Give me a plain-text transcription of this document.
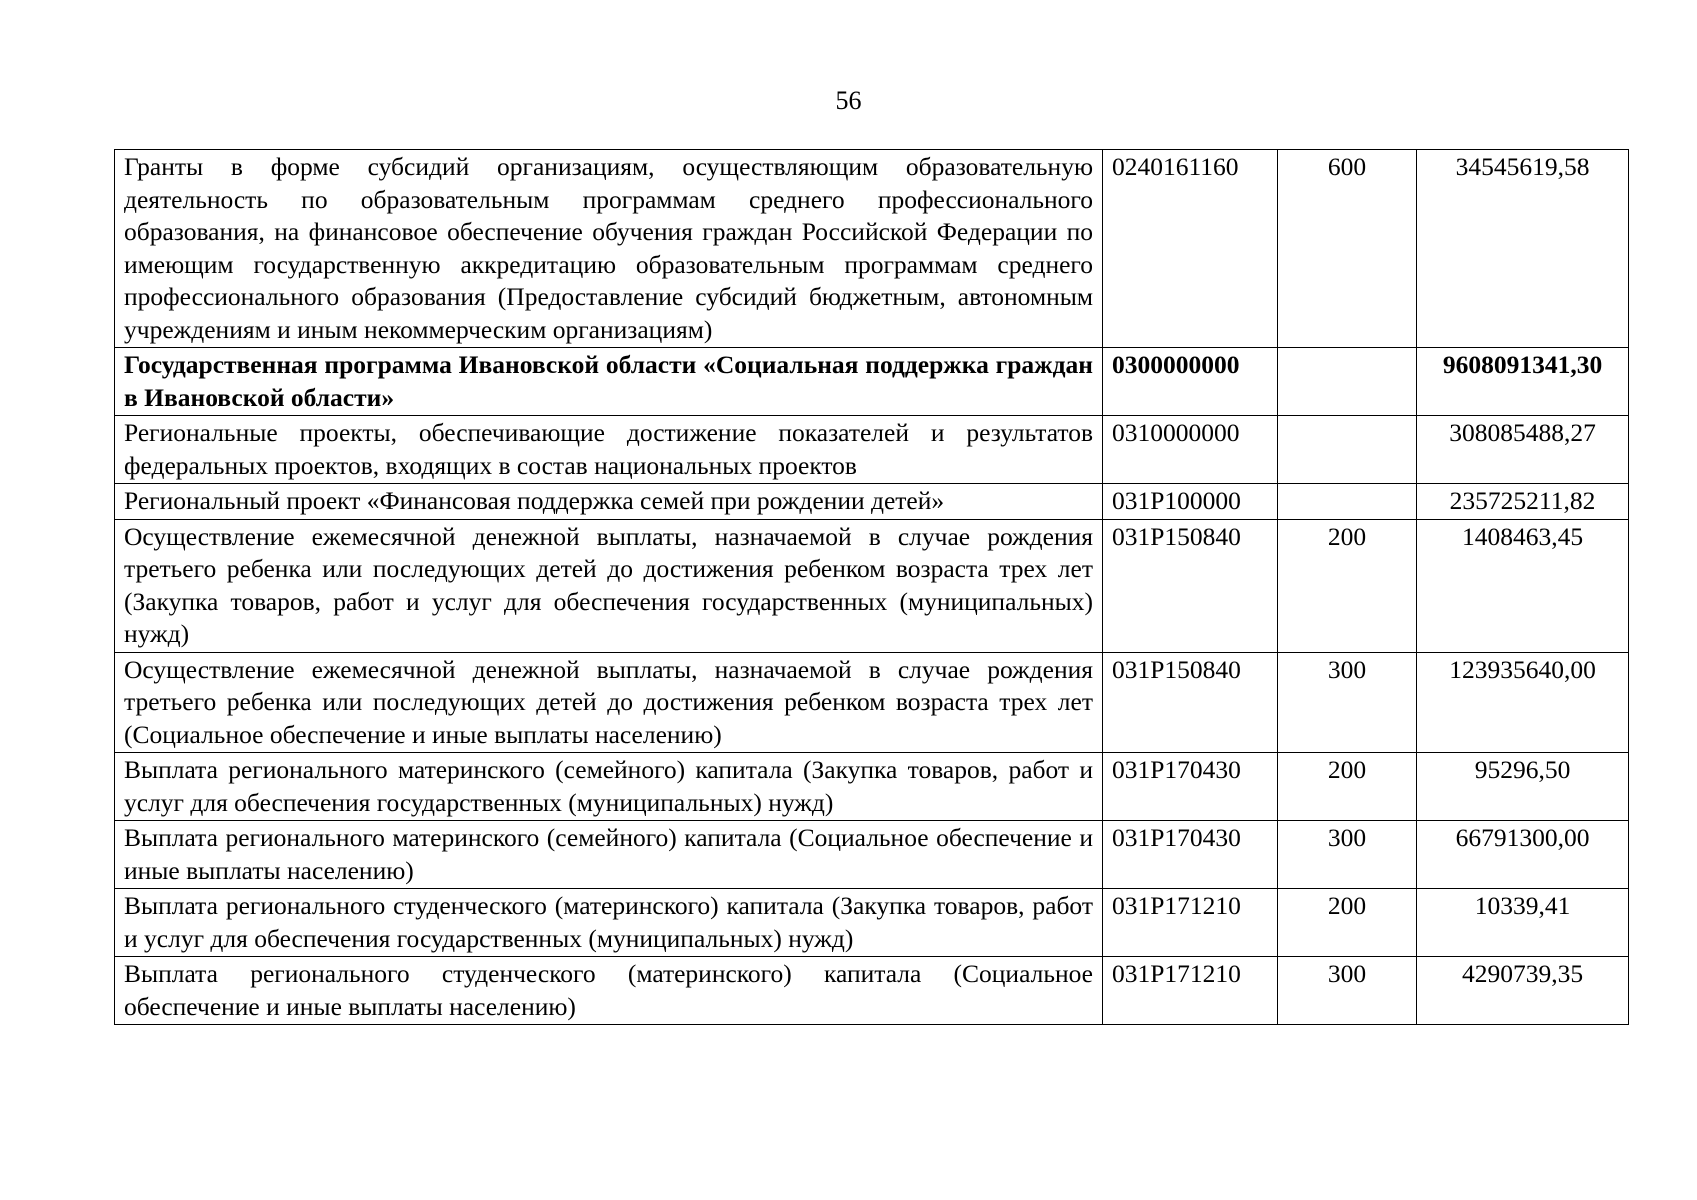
56
Гранты в форме субсидий организациям, осуществляющим образовательную деятельность по образовательным программам среднего профессионального образования, на финансовое обеспечение обучения граждан Российской Федерации по имеющим государственную аккредитацию образовательным программам среднего профессионального образования (Предоставление субсидий бюджетным, автономным учреждениям и иным некоммерческим организациям)	0240161160	600	34545619,58
Государственная программа Ивановской области «Социальная поддержка граждан в Ивановской области»	0300000000		9608091341,30
Региональные проекты, обеспечивающие достижение показателей и результатов федеральных проектов, входящих в состав национальных проектов	0310000000		308085488,27
Региональный проект «Финансовая поддержка семей при рождении детей»	031Р100000		235725211,82
Осуществление ежемесячной денежной выплаты, назначаемой в случае рождения третьего ребенка или последующих детей до достижения ребенком возраста трех лет (Закупка товаров, работ и услуг для обеспечения государственных (муниципальных) нужд)	031Р150840	200	1408463,45
Осуществление ежемесячной денежной выплаты, назначаемой в случае рождения третьего ребенка или последующих детей до достижения ребенком возраста трех лет (Социальное обеспечение и иные выплаты населению)	031Р150840	300	123935640,00
Выплата регионального материнского (семейного) капитала (Закупка товаров, работ и услуг для обеспечения государственных (муниципальных) нужд)	031Р170430	200	95296,50
Выплата регионального материнского (семейного) капитала (Социальное обеспечение и иные выплаты населению)	031Р170430	300	66791300,00
Выплата регионального студенческого (материнского) капитала (Закупка товаров, работ и услуг для обеспечения государственных (муниципальных) нужд)	031Р171210	200	10339,41
Выплата регионального студенческого (материнского) капитала (Социальное обеспечение и иные выплаты населению)	031Р171210	300	4290739,35
